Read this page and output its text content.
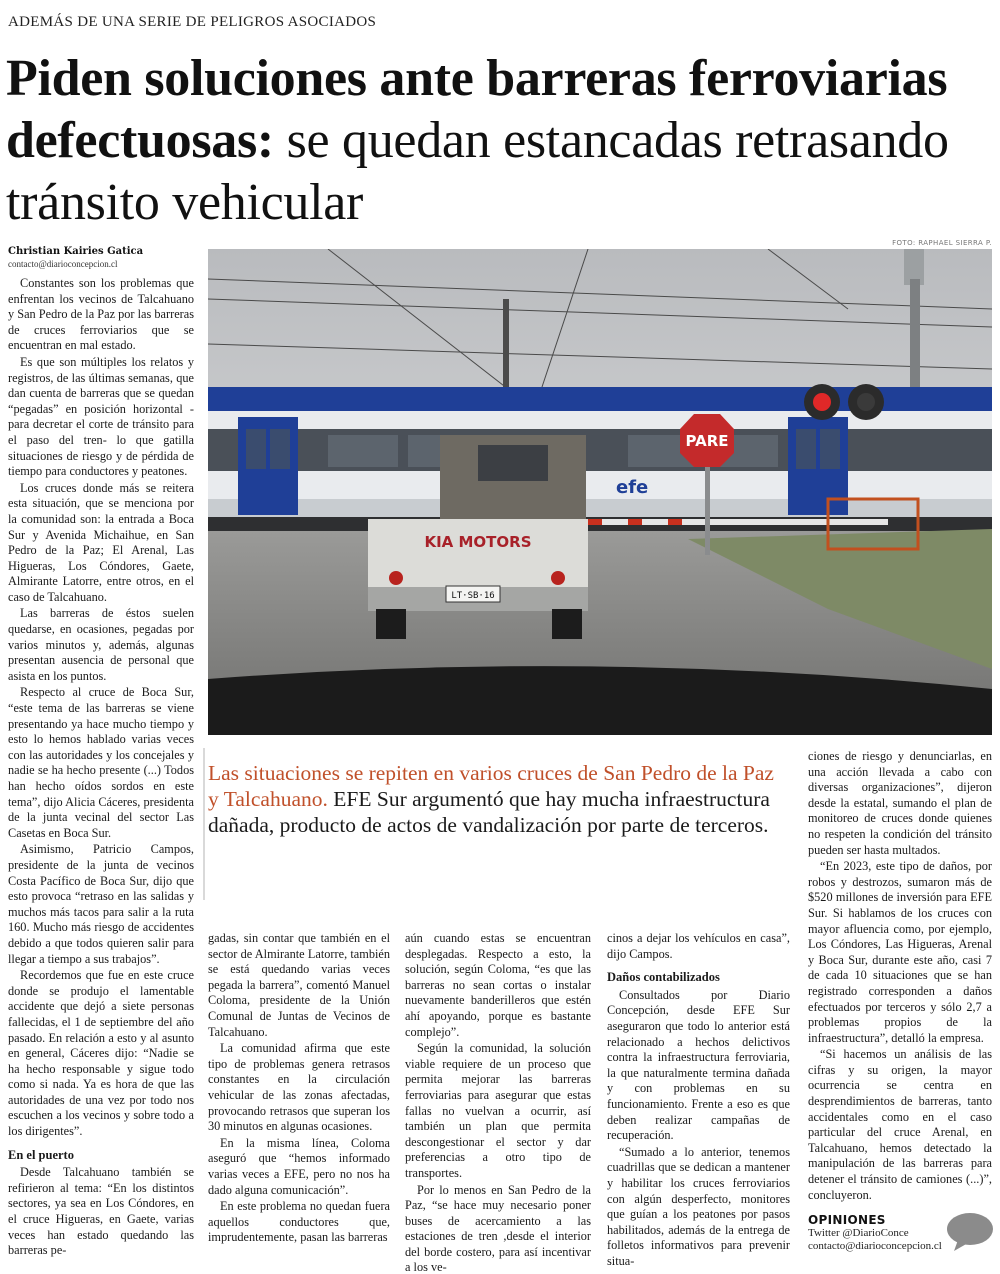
ADEMÁS DE UNA SERIE DE PELIGROS ASOCIADOS
Piden soluciones ante barreras ferroviarias defectuosas: se quedan estancadas retrasando tránsito vehicular
Christian Kairies Gatica
contacto@diarioconcepcion.cl
FOTO: RAPHAEL SIERRA P.
efe
PARE
KIA MOTORS
LT·SB·16
Las situaciones se repiten en varios cruces de San Pedro de la Paz y Talcahuano. EFE Sur argumentó que hay mucha infraestructura dañada, producto de actos de vandalización por parte de terceros.

Constantes son los problemas que enfrentan los vecinos de Talcahuano y San Pedro de la Paz por las barreras de cruces ferroviarios que se encuentran en mal estado.

Es que son múltiples los relatos y registros, de las últimas semanas, que dan cuenta de barreras que se quedan “pegadas” en posición horizontal -para decretar el corte de tránsito para el paso del tren- lo que gatilla situaciones de riesgo y de pérdida de tiempo para conductores y peatones.

Los cruces donde más se reitera esta situación, que se menciona por la comunidad son: la entrada a Boca Sur y Avenida Michaihue, en San Pedro de la Paz; El Arenal, Las Higueras, Los Cóndores, Gaete, Almirante Latorre, entre otros, en el caso de Talcahuano.

Las barreras de éstos suelen quedarse, en ocasiones, pegadas por varios minutos y, además, algunas presentan ausencia de personal que asista en los puntos.

Respecto al cruce de Boca Sur, “este tema de las barreras se viene presentando ya hace mucho tiempo y esto lo hemos hablado varias veces con las autoridades y los concejales y nadie se ha hecho presente (...) Todos han hecho oídos sordos en este tema”, dijo Alicia Cáceres, presidenta de la junta vecinal del sector Las Casetas en Boca Sur.

Asimismo, Patricio Campos, presidente de la junta de vecinos Costa Pacífico de Boca Sur, dijo que esto provoca “retraso en las salidas y muchos más tacos para salir a la ruta 160. Mucho más riesgo de accidentes debido a que todos quieren salir para llegar a tiempo a sus trabajos”.

Recordemos que fue en este cruce donde se produjo el lamentable accidente que dejó a siete personas fallecidas, el 1 de septiembre del año pasado. En relación a esto y al asunto en general, Cáceres dijo: “Nadie se ha hecho responsable y sigue todo como si nada. Ya es hora de que las autoridades de una vez por todo nos escuchen a los vecinos y sobre todo a los dirigentes”.

En el puerto

Desde Talcahuano también se refirieron al tema: “En los distintos sectores, ya sea en Los Cóndores, en el cruce Higueras, en Gaete, varias veces han estado quedando las barreras pe-

gadas, sin contar que también en el sector de Almirante Latorre, también se está quedando varias veces pegada la barrera”, comentó Manuel Coloma, presidente de la Unión Comunal de Juntas de Vecinos de Talcahuano.

La comunidad afirma que este tipo de problemas genera retrasos constantes en la circulación vehicular de las zonas afectadas, provocando retrasos que superan los 30 minutos en algunas ocasiones.

En la misma línea, Coloma aseguró que “hemos informado varias veces a EFE, pero no nos ha dado alguna comunicación”.

En este problema no quedan fuera aquellos conductores que, imprudentemente, pasan las barreras

aún cuando estas se encuentran desplegadas. Respecto a esto, la solución, según Coloma, “es que las barreras no sean cortas o instalar nuevamente banderilleros que estén ahí apoyando, porque es bastante complejo”.

Según la comunidad, la solución viable requiere de un proceso que permita mejorar las barreras ferroviarias para asegurar que estas fallas no vuelvan a ocurrir, así también un plan que permita descongestionar el sector y dar preferencias a otro tipo de transportes.

Por lo menos en San Pedro de la Paz, “se hace muy necesario poner buses de acercamiento a las estaciones de tren ,desde el interior del borde costero, para así incentivar a los ve-

cinos a dejar los vehículos en casa”, dijo Campos.

Daños contabilizados

Consultados por Diario Concepción, desde EFE Sur aseguraron que todo lo anterior está relacionado a hechos delictivos contra la infraestructura ferroviaria, la que naturalmente termina dañada y con problemas en su funcionamiento. Frente a eso es que deben realizar campañas de recuperación.

“Sumado a lo anterior, tenemos cuadrillas que se dedican a mantener y habilitar los cruces ferroviarios con algún desperfecto, monitores que guían a los peatones por pasos habilitados, además de la entrega de folletos informativos para prevenir situa-

ciones de riesgo y denunciarlas, en una acción llevada a cabo con diversas organizaciones”, dijeron desde la estatal, sumando el plan de monitoreo de cruces donde quienes no respeten la condición del tránsito pueden ser hasta multados.

“En 2023, este tipo de daños, por robos y destrozos, sumaron más de $520 millones de inversión para EFE Sur. Si hablamos de los cruces con mayor afluencia como, por ejemplo, Los Cóndores, Las Higueras, Arenal y Boca Sur, durante este año, casi 7 de cada 10 situaciones que se han registrado corresponden a daños efectuados por terceros y sólo 2,7 a problemas propios de la infraestructura”, detalló la empresa.

“Si hacemos un análisis de las cifras y su origen, la mayor ocurrencia se centra en desprendimientos de barreras, tanto accidentales como en el caso particular del cruce Arenal, en Talcahuano, hemos detectado la manipulación de las barreras para detener el tránsito de camiones (...)”, concluyeron.

OPINIONES
Twitter @DiarioConce
contacto@diarioconcepcion.cl
